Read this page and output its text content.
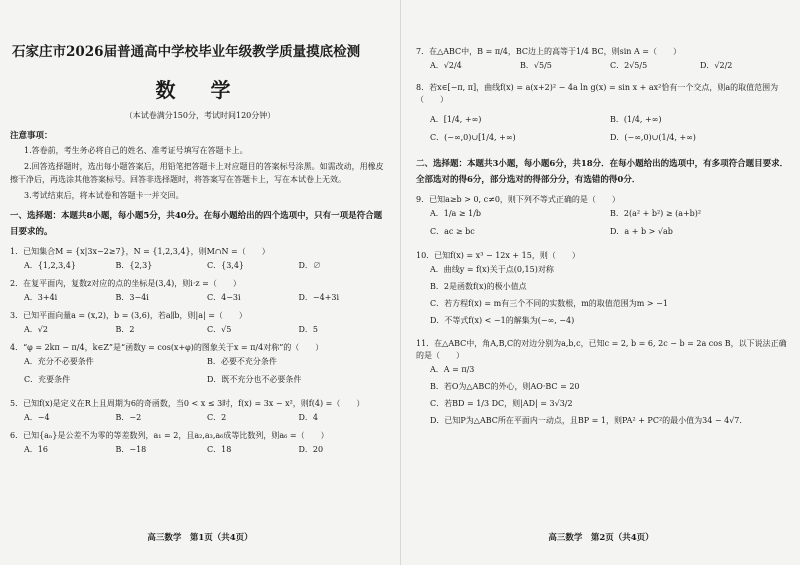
石家庄市2026届普通高中学校毕业年级教学质量摸底检测
数 学
（本试卷满分150分，考试时间120分钟）
注意事项：
1.答卷前，考生务必将自己的姓名、准考证号填写在答题卡上。
2.回答选择题时，选出每小题答案后，用铅笔把答题卡上对应题目的答案标号涂黑。如需改动，用橡皮擦干净后，再选涂其他答案标号。回答非选择题时，将答案写在答题卡上，写在本试卷上无效。
3.考试结束后，将本试卷和答题卡一并交回。
一、选择题：本题共8小题，每小题5分，共40分。在每小题给出的四个选项中，只有一项是符合题目要求的。
1．已知集合M = {x|3x−2≥7}，N = {1,2,3,4}，则M∩N =（　　）
A．{1,2,3,4}	B．{2,3}	C．{3,4}	D．∅
2．在复平面内，复数z对应的点的坐标是(3,4)，则i·z =（　　）
A．3+4i	B．3−4i	C．4−3i	D．−4+3i
3．已知平面向量a = (x,2)，b = (3,6)，若a∥b，则|a| =（　　）
A．√2	B．2	C．√5	D．5
4．“φ = 2kπ − π/4，k∈Z”是“函数y = cos(x+φ)的图象关于x = π/4对称”的（　　）
A．充分不必要条件	B．必要不充分条件
C．充要条件	D．既不充分也不必要条件
5．已知f(x)是定义在R上且周期为6的奇函数，当0 < x ≤ 3时，f(x) = 3x − x²，则f(4) =（　　）
A．−4	B．−2	C．2	D．4
6．已知{aₙ}是公差不为零的等差数列，a₁ = 2，且a₂,a₃,a₆成等比数列，则a₆ =（　　）
A．16	B．−18	C．18	D．20
高三数学　第1页（共4页）
7．在△ABC中，B = π/4，BC边上的高等于1/4 BC，则sin A =（　　）
A．√2/4	B．√5/5	C．2√5/5	D．√2/2
8．若x∈[−π, π]，曲线f(x) = a(x+2)² − 4a ln g(x) = sin x + ax²恰有一个交点，则a的取值范围为（　　）
A．[1/4, +∞)	B．(1/4, +∞)
C．(−∞,0)∪[1/4, +∞)	D．(−∞,0)∪(1/4, +∞)
二、选择题：本题共3小题，每小题6分，共18分．在每小题给出的选项中，有多项符合题目要求．全部选对的得6分，部分选对的得部分分，有选错的得0分．
9．已知a≥b > 0, c≠0，则下列不等式正确的是（　　）
A．1/a ≥ 1/b	B．2(a² + b²) ≥ (a+b)²
C．ac ≥ bc	D．a + b > √ab
10．已知f(x) = x³ − 12x + 15，则（　　）
A．曲线y = f(x)关于点(0,15)对称
B．2是函数f(x)的极小值点
C．若方程f(x) = m有三个不同的实数根，m的取值范围为m > −1
D．不等式f(x) < −1的解集为(−∞, −4)
11．在△ABC中，角A,B,C的对边分别为a,b,c，已知c = 2, b = 6, 2c − b = 2a cos B，以下说法正确的是（　　）
A．A = π/3
B．若O为△ABC的外心，则AO·BC = 20
C．若BD = 1/3 DC，则|AD| = 3√3/2
D．已知P为△ABC所在平面内一动点，且BP = 1，则PA² + PC²的最小值为34 − 4√7．
高三数学　第2页（共4页）
